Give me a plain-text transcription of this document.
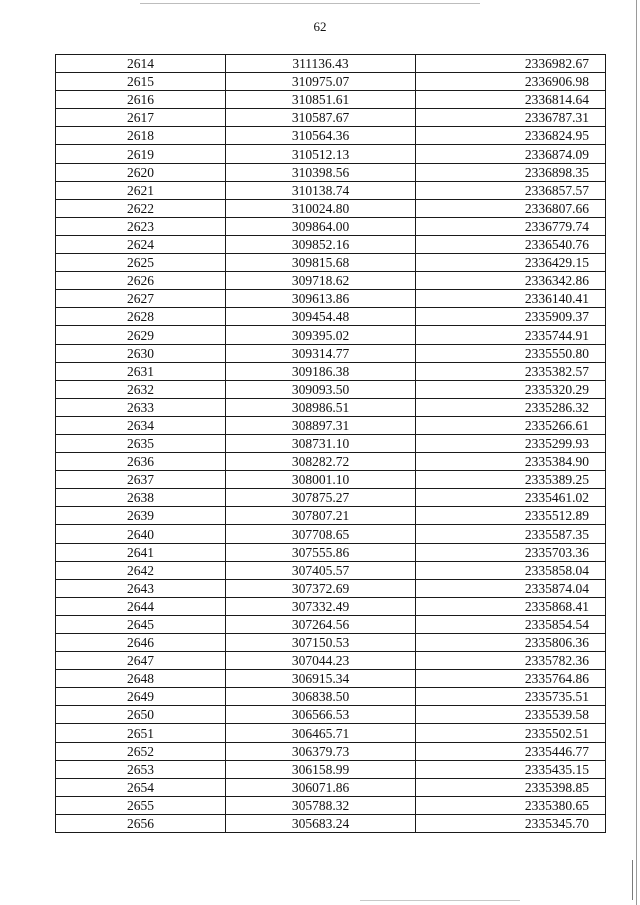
62
2614	311136.43	2336982.67
2615	310975.07	2336906.98
2616	310851.61	2336814.64
2617	310587.67	2336787.31
2618	310564.36	2336824.95
2619	310512.13	2336874.09
2620	310398.56	2336898.35
2621	310138.74	2336857.57
2622	310024.80	2336807.66
2623	309864.00	2336779.74
2624	309852.16	2336540.76
2625	309815.68	2336429.15
2626	309718.62	2336342.86
2627	309613.86	2336140.41
2628	309454.48	2335909.37
2629	309395.02	2335744.91
2630	309314.77	2335550.80
2631	309186.38	2335382.57
2632	309093.50	2335320.29
2633	308986.51	2335286.32
2634	308897.31	2335266.61
2635	308731.10	2335299.93
2636	308282.72	2335384.90
2637	308001.10	2335389.25
2638	307875.27	2335461.02
2639	307807.21	2335512.89
2640	307708.65	2335587.35
2641	307555.86	2335703.36
2642	307405.57	2335858.04
2643	307372.69	2335874.04
2644	307332.49	2335868.41
2645	307264.56	2335854.54
2646	307150.53	2335806.36
2647	307044.23	2335782.36
2648	306915.34	2335764.86
2649	306838.50	2335735.51
2650	306566.53	2335539.58
2651	306465.71	2335502.51
2652	306379.73	2335446.77
2653	306158.99	2335435.15
2654	306071.86	2335398.85
2655	305788.32	2335380.65
2656	305683.24	2335345.70
